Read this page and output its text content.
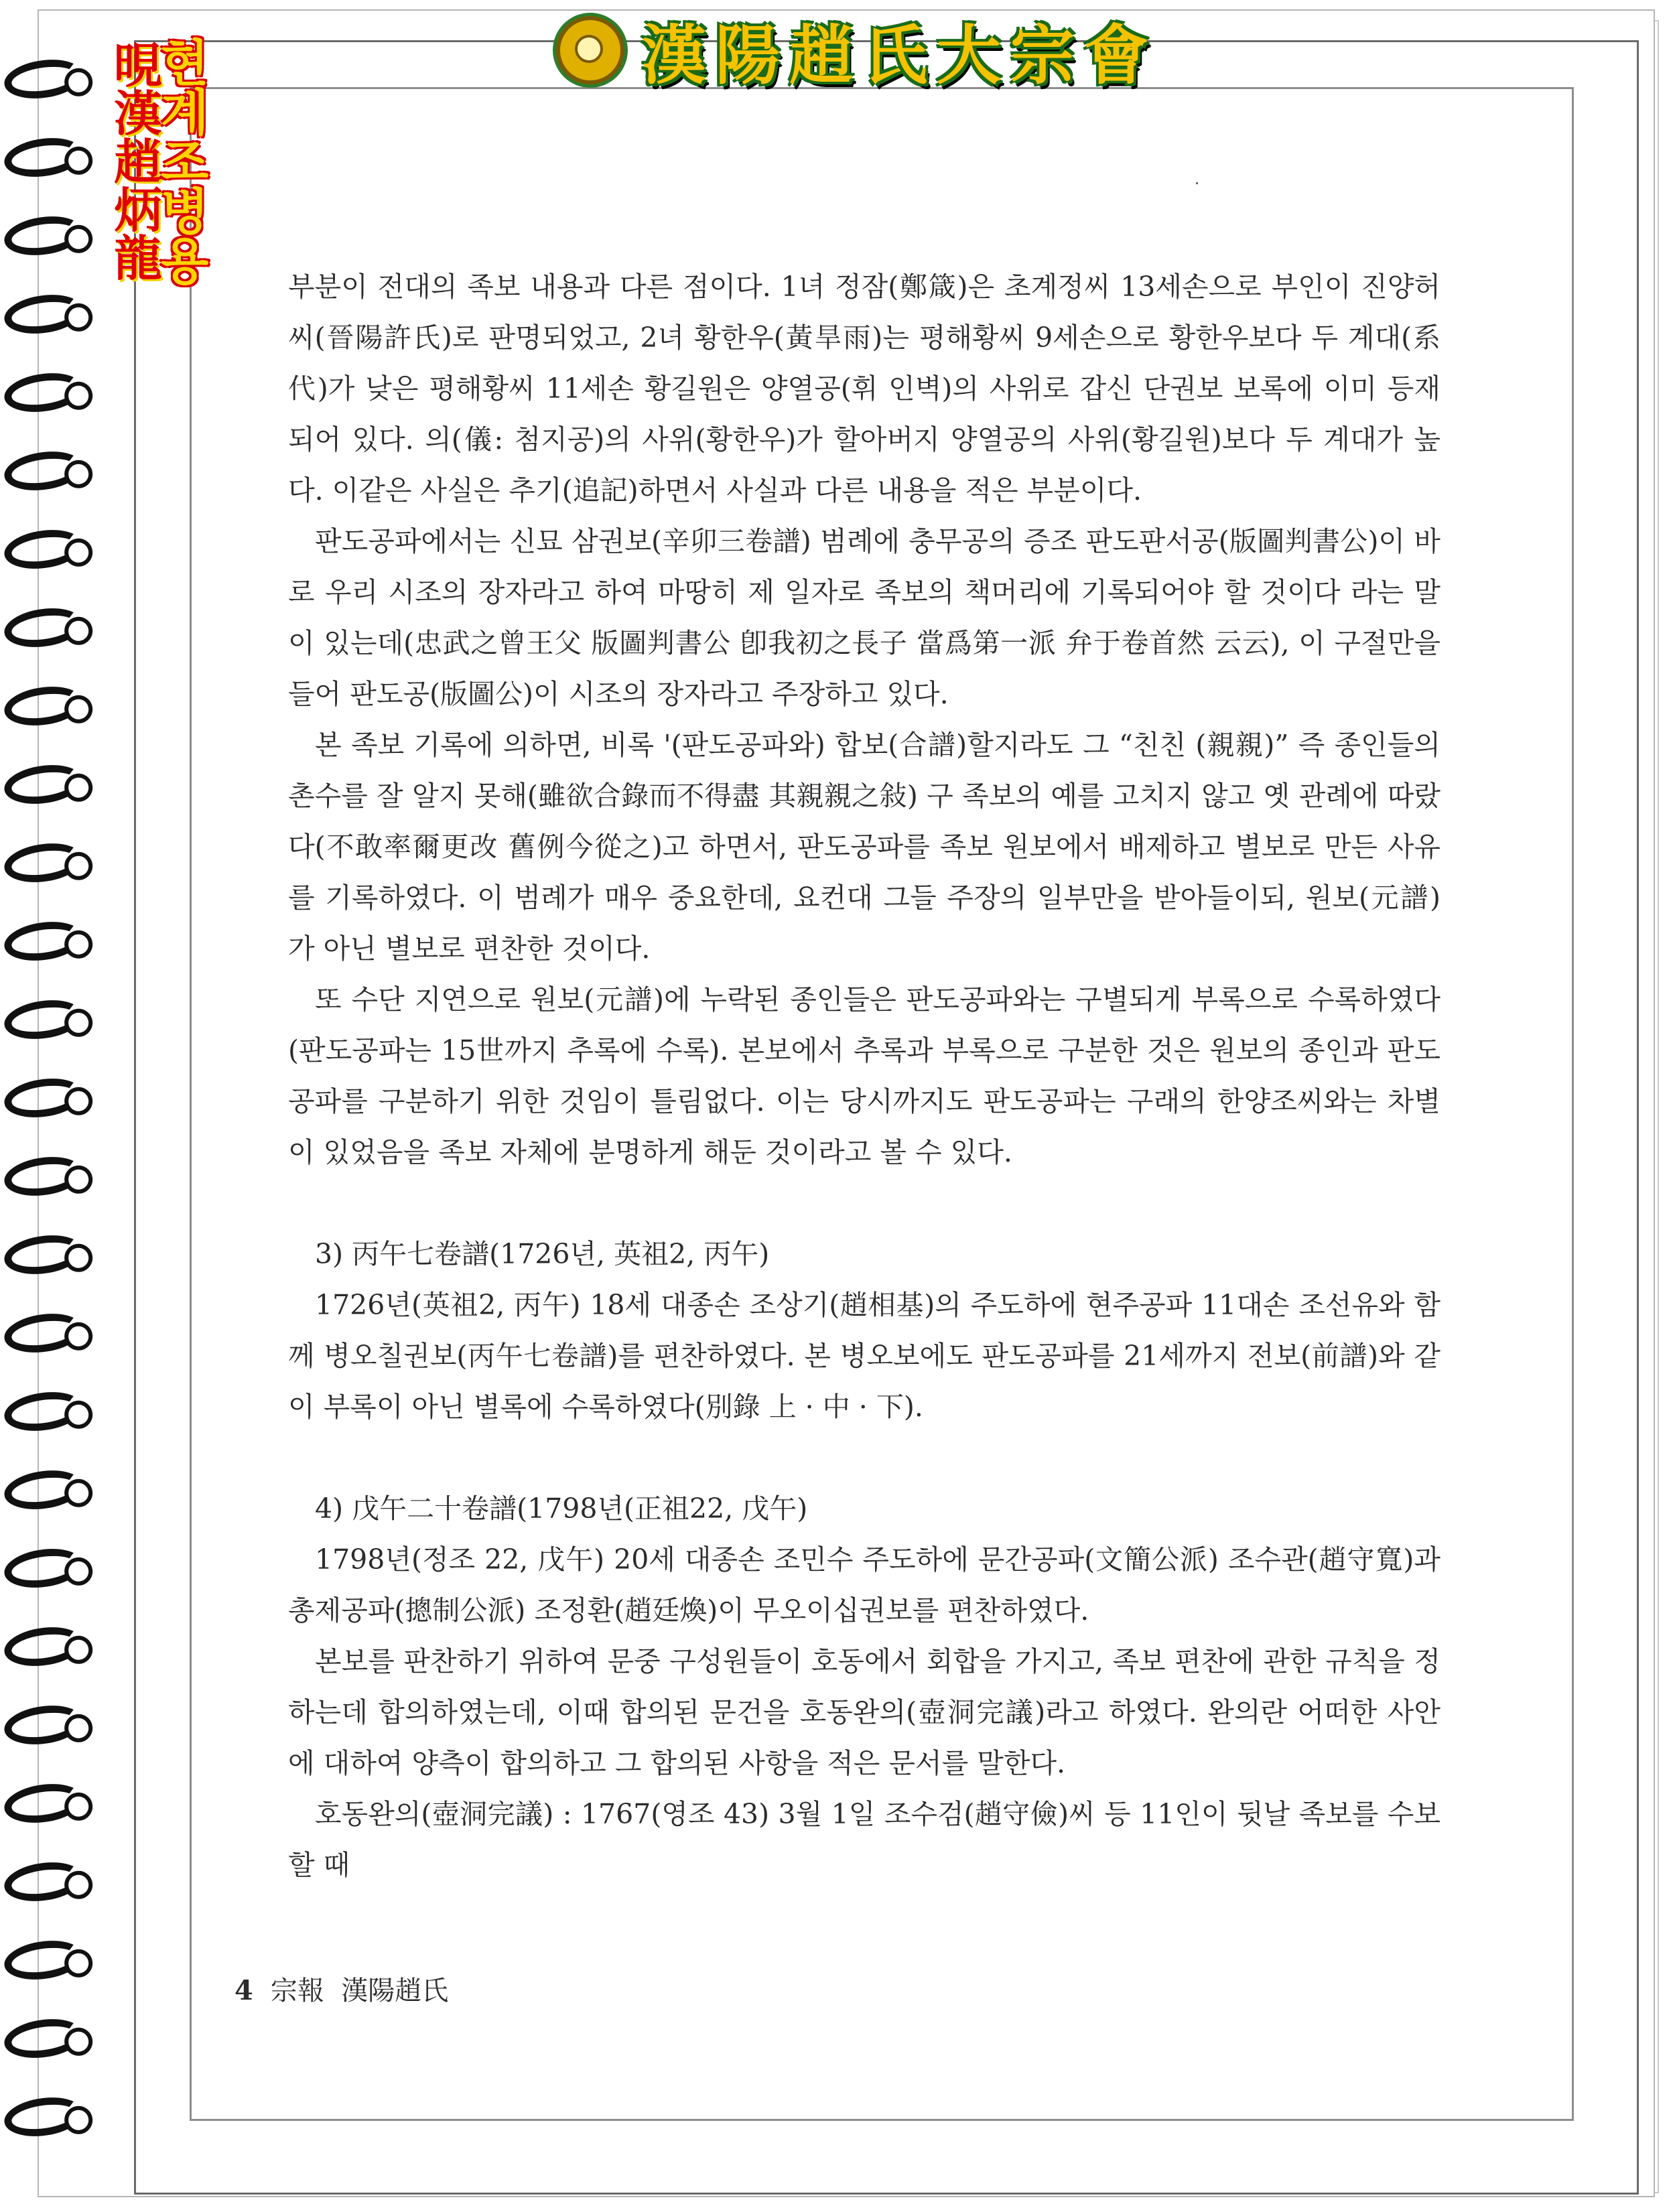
漢陽趙氏大宗會
晛
漢
趙
炳
龍
현
계
조
병
용	부분이 전대의 족보 내용과 다른 점이다. 1녀 정잠(鄭箴)은 초계정씨 13세손으로 부인이 진양허씨(晉陽許氏)로 판명되었고, 2녀 황한우(黃旱雨)는 평해황씨 9세손으로 황한우보다 두 계대(系代)가 낮은 평해황씨 11세손 황길원은 양열공(휘 인벽)의 사위로 갑신 단권보 보록에 이미 등재되어 있다. 의(儀: 첨지공)의 사위(황한우)가 할아버지 양열공의 사위(황길원)보다 두 계대가 높다. 이같은 사실은 추기(追記)하면서 사실과 다른 내용을 적은 부분이다.

판도공파에서는 신묘 삼권보(辛卯三卷譜) 범례에 충무공의 증조 판도판서공(版圖判書公)이 바로 우리 시조의 장자라고 하여 마땅히 제 일자로 족보의 책머리에 기록되어야 할 것이다 라는 말이 있는데(忠武之曾王父 版圖判書公 卽我初之長子 當爲第一派 弁于卷首然 云云), 이 구절만을 들어 판도공(版圖公)이 시조의 장자라고 주장하고 있다.

본 족보 기록에 의하면, 비록 '(판도공파와) 합보(合譜)할지라도 그 “친친 (親親)” 즉 종인들의 촌수를 잘 알지 못해(雖欲合錄而不得盡 其親親之敍) 구 족보의 예를 고치지 않고 옛 관례에 따랐다(不敢率爾更改 舊例今從之)고 하면서, 판도공파를 족보 원보에서 배제하고 별보로 만든 사유를 기록하였다. 이 범례가 매우 중요한데, 요컨대 그들 주장의 일부만을 받아들이되, 원보(元譜)가 아닌 별보로 편찬한 것이다.

또 수단 지연으로 원보(元譜)에 누락된 종인들은 판도공파와는 구별되게 부록으로 수록하였다(판도공파는 15世까지 추록에 수록). 본보에서 추록과 부록으로 구분한 것은 원보의 종인과 판도공파를 구분하기 위한 것임이 틀림없다. 이는 당시까지도 판도공파는 구래의 한양조씨와는 차별이 있었음을 족보 자체에 분명하게 해둔 것이라고 볼 수 있다.

3) 丙午七卷譜(1726년, 英祖2, 丙午)

1726년(英祖2, 丙午) 18세 대종손 조상기(趙相基)의 주도하에 현주공파 11대손 조선유와 함께 병오칠권보(丙午七卷譜)를 편찬하였다. 본 병오보에도 판도공파를 21세까지 전보(前譜)와 같이 부록이 아닌 별록에 수록하였다(別錄 上 · 中 · 下).

4) 戊午二十卷譜(1798년(正祖22, 戊午)

1798년(정조 22, 戊午) 20세 대종손 조민수 주도하에 문간공파(文簡公派) 조수관(趙守寬)과 총제공파(摠制公派) 조정환(趙廷煥)이 무오이십권보를 편찬하였다.

본보를 판찬하기 위하여 문중 구성원들이 호동에서 회합을 가지고, 족보 편찬에 관한 규칙을 정하는데 합의하였는데, 이때 합의된 문건을 호동완의(壺洞完議)라고 하였다. 완의란 어떠한 사안에 대하여 양측이 합의하고 그 합의된 사항을 적은 문서를 말한다.

호동완의(壺洞完議) : 1767(영조 43) 3월 1일 조수검(趙守儉)씨 등 11인이 뒷날 족보를 수보할 때

4 宗報  漢陽趙氏
